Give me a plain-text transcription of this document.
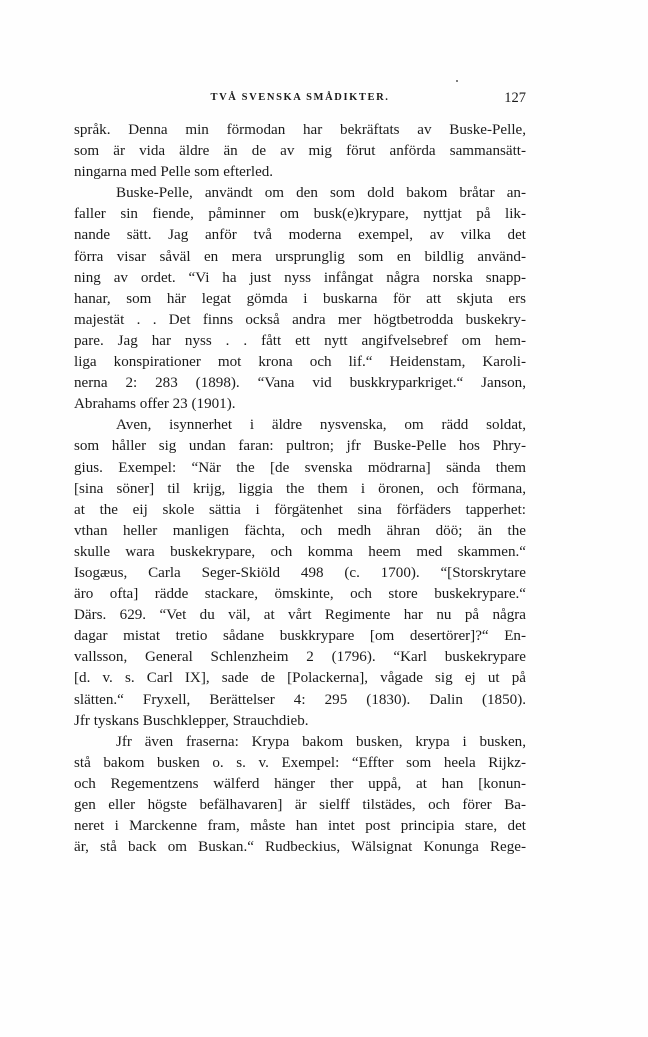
TVÅ SVENSKA SMÅDIKTER.	127
språk. Denna min förmodan har bekräftats av Buske-Pelle,
som är vida äldre än de av mig förut anförda sammansätt-
ningarna med Pelle som efterled.
Buske-Pelle, användt om den som dold bakom bråtar an-
faller sin fiende, påminner om busk(e)krypare, nyttjat på lik-
nande sätt. Jag anför två moderna exempel, av vilka det
förra visar såväl en mera ursprunglig som en bildlig använd-
ning av ordet. “Vi ha just nyss infångat några norska snapp-
hanar, som här legat gömda i buskarna för att skjuta ers
majestät . . Det finns också andra mer högtbetrodda buskekry-
pare. Jag har nyss . . fått ett nytt angifvelsebref om hem-
liga konspirationer mot krona och lif.“ Heidenstam, Karoli-
nerna 2: 283 (1898). “Vana vid buskkryparkriget.“ Janson,
Abrahams offer 23 (1901).
Aven, isynnerhet i äldre nysvenska, om rädd soldat,
som håller sig undan faran: pultron; jfr Buske-Pelle hos Phry-
gius. Exempel: “När the [de svenska mödrarna] sända them
[sina söner] til krijg, liggia the them i öronen, och förmana,
at the eij skole sättia i förgätenhet sina förfäders tapperhet:
vthan heller manligen fächta, och medh ähran döö; än the
skulle wara buskekrypare, och komma heem med skammen.“
Isogæus, Carla Seger-Skiöld 498 (c. 1700). “[Storskrytare
äro ofta] rädde stackare, ömskinte, och store buskekrypare.“
Därs. 629. “Vet du väl, at vårt Regimente har nu på några
dagar mistat tretio sådane buskkrypare [om desertörer]?“ En-
vallsson, General Schlenzheim 2 (1796). “Karl buskekrypare
[d. v. s. Carl IX], sade de [Polackerna], vågade sig ej ut på
slätten.“ Fryxell, Berättelser 4: 295 (1830). Dalin (1850).
Jfr tyskans Buschklepper, Strauchdieb.
Jfr även fraserna: Krypa bakom busken, krypa i busken,
stå bakom busken o. s. v. Exempel: “Effter som heela Rijkz-
och Regementzens wälferd hänger ther uppå, at han [konun-
gen eller högste befälhavaren] är sielff tilstädes, och förer Ba-
neret i Marckenne fram, måste han intet post principia stare, det
är, stå back om Buskan.“ Rudbeckius, Wälsignat Konunga Rege-
